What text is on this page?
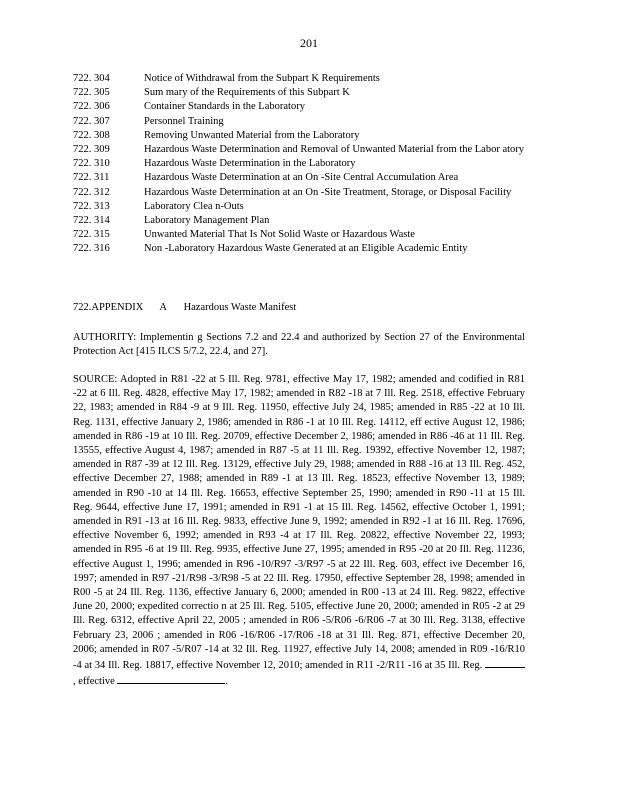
201
722. 304	Notice of Withdrawal from the Subpart K Requirements
722. 305	Sum mary of the Requirements of this Subpart K
722. 306	Container Standards in the Laboratory
722. 307	Personnel Training
722. 308	Removing Unwanted Material from the Laboratory
722. 309	Hazardous Waste Determination and Removal of Unwanted Material from the Labor atory
722. 310	Hazardous Waste Determination in the Laboratory
722. 311	Hazardous Waste Determination at an On -Site Central Accumulation Area
722. 312	Hazardous Waste Determination at an On -Site Treatment, Storage, or Disposal Facility
722. 313	Laboratory Clea n-Outs
722. 314	Laboratory Management Plan
722. 315	Unwanted Material That Is Not Solid Waste or Hazardous Waste
722. 316	Non -Laboratory Hazardous Waste Generated at an Eligible Academic Entity
722.APPENDIX A Hazardous Waste Manifest
AUTHORITY: Implementin g Sections 7.2 and 22.4 and authorized by Section 27 of the Environmental Protection Act [415 ILCS 5/7.2, 22.4, and 27].
SOURCE: Adopted in R81 -22 at 5 Ill. Reg. 9781, effective May 17, 1982; amended and codified in R81 -22 at 6 Ill. Reg. 4828, effective May 17, 1982; amended in R82 -18 at 7 Ill. Reg. 2518, effective February 22, 1983; amended in R84 -9 at 9 Ill. Reg. 11950, effective July 24, 1985; amended in R85 -22 at 10 Ill. Reg. 1131, effective January 2, 1986; amended in R86 -1 at 10 Ill. Reg. 14112, eff ective August 12, 1986; amended in R86 -19 at 10 Ill. Reg. 20709, effective December 2, 1986; amended in R86 -46 at 11 Ill. Reg. 13555, effective August 4, 1987; amended in R87 -5 at 11 Ill. Reg. 19392, effective November 12, 1987; amended in R87 -39 at 12 Ill. Reg. 13129, effective July 29, 1988; amended in R88 -16 at 13 Ill. Reg. 452, effective December 27, 1988; amended in R89 -1 at 13 Ill. Reg. 18523, effective November 13, 1989; amended in R90 -10 at 14 Ill. Reg. 16653, effective September 25, 1990; amended in R90 -11 at 15 Ill. Reg. 9644, effective June 17, 1991; amended in R91 -1 at 15 Ill. Reg. 14562, effective October 1, 1991; amended in R91 -13 at 16 Ill. Reg. 9833, effective June 9, 1992; amended in R92 -1 at 16 Ill. Reg. 17696, effective November 6, 1992; amended in R93 -4 at 17 Ill. Reg. 20822, effective November 22, 1993; amended in R95 -6 at 19 Ill. Reg. 9935, effective June 27, 1995; amended in R95 -20 at 20 Ill. Reg. 11236, effective August 1, 1996; amended in R96 -10/R97 -3/R97 -5 at 22 Ill. Reg. 603, effect ive December 16, 1997; amended in R97 -21/R98 -3/R98 -5 at 22 Ill. Reg. 17950, effective September 28, 1998; amended in R00 -5 at 24 Ill. Reg. 1136, effective January 6, 2000; amended in R00 -13 at 24 Ill. Reg. 9822, effective June 20, 2000; expedited correctio n at 25 Ill. Reg. 5105, effective June 20, 2000; amended in R05 -2 at 29 Ill. Reg. 6312, effective April 22, 2005 ; amended in R06 -5/R06 -6/R06 -7 at 30 Ill. Reg. 3138, effective February 23, 2006 ; amended in R06 -16/R06 -17/R06 -18 at 31 Ill. Reg. 871, effective December 20, 2006; amended in R07 -5/R07 -14 at 32 Ill. Reg. 11927, effective July 14, 2008; amended in R09 -16/R10 -4 at 34 Ill. Reg. 18817, effective November 12, 2010; amended in R11 -2/R11 -16 at 35 Ill. Reg. , effective	.
